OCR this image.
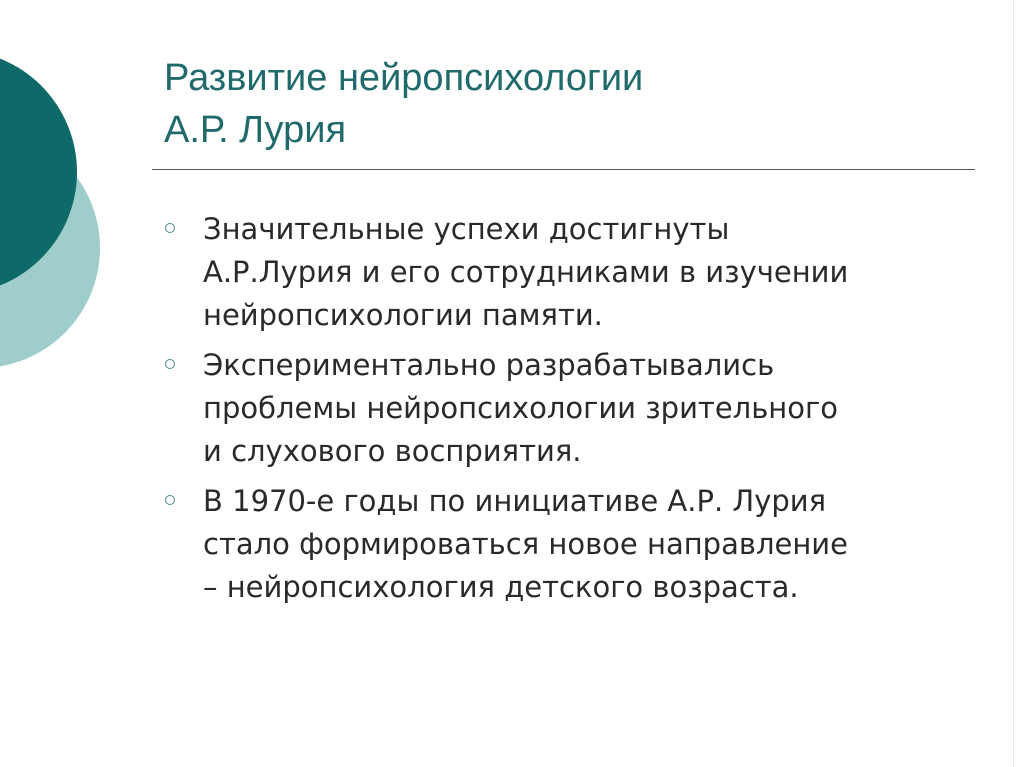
Развитие нейропсихологии
А.Р. Лурия
Значительные успехи достигнуты
А.Р.Лурия и его сотрудниками в изучении
нейропсихологии памяти.
Экспериментально разрабатывались
проблемы нейропсихологии зрительного
и слухового восприятия.
В 1970-е годы по инициативе А.Р. Лурия
стало формироваться новое направление
– нейропсихология детского возраста.
